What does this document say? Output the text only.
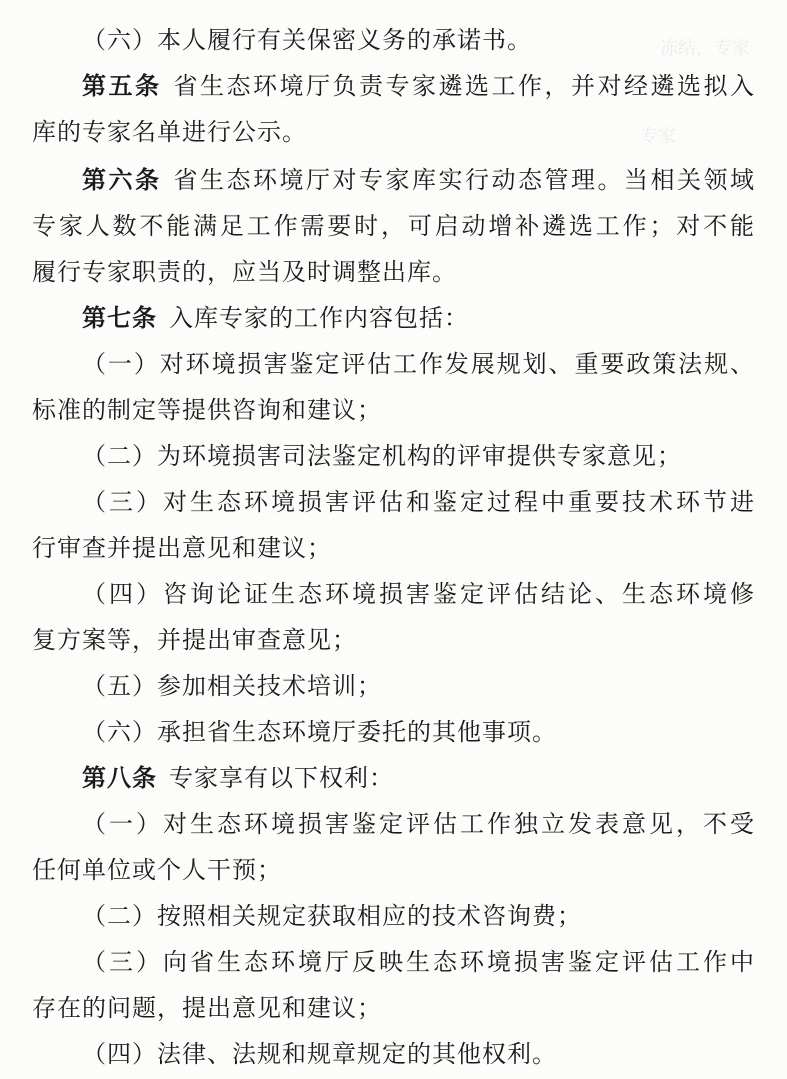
冻结，专家
专家

（六）本人履行有关保密义务的承诺书。
第五条 省生态环境厅负责专家遴选工作，并对经遴选拟入
库的专家名单进行公示。
第六条 省生态环境厅对专家库实行动态管理。当相关领域
专家人数不能满足工作需要时，可启动增补遴选工作；对不能
履行专家职责的，应当及时调整出库。
第七条 入库专家的工作内容包括：
（一）对环境损害鉴定评估工作发展规划、重要政策法规、
标准的制定等提供咨询和建议；
（二）为环境损害司法鉴定机构的评审提供专家意见；
（三）对生态环境损害评估和鉴定过程中重要技术环节进
行审查并提出意见和建议；
（四）咨询论证生态环境损害鉴定评估结论、生态环境修
复方案等，并提出审查意见；
（五）参加相关技术培训；
（六）承担省生态环境厅委托的其他事项。
第八条 专家享有以下权利：
（一）对生态环境损害鉴定评估工作独立发表意见，不受
任何单位或个人干预；
（二）按照相关规定获取相应的技术咨询费；
（三）向省生态环境厅反映生态环境损害鉴定评估工作中
存在的问题，提出意见和建议；
（四）法律、法规和规章规定的其他权利。
